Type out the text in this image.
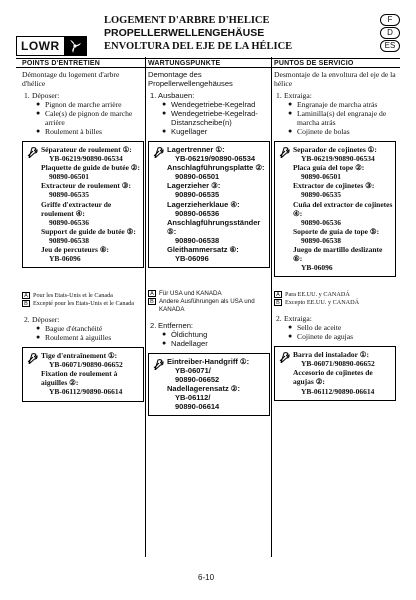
LOWR
LOGEMENT D'ARBRE D'HELICE
PROPELLERWELLENGEHÄUSE
ENVOLTURA DEL EJE DE LA HÉLICE
F
D
ES
POINTS D'ENTRETIEN	WARTUNGSPUNKTE	PUNTOS DE SERVICIO
Démontage du logement d'arbre d'hélice
1. Déposer:
● Pignon de marche arrière
● Cale(s) de pignon de marche arrière
● Roulement à billes
Séparateur de roulement ①:
YB-06219/90890-06534
Plaquette de guide de butée ②:
90890-06501
Extracteur de roulement ③:
90890-06535
Griffe d'extracteur de roulement ④:
90890-06536
Support de guide de butée ⑤:
90890-06538
Jeu de percuteurs ⑥:
YB-06096
A Pour les Etats-Unis et le Canada
B Excepté pour les Etats-Unis et le Canada
2. Déposer:
● Bague d'étanchéité
● Roulement à aiguilles
Tige d'entraînement ①:
YB-06071/90890-06652
Fixation de roulement à aiguilles ②:
YB-06112/90890-06614
Demontage des Propellerwellengehäuses
1. Ausbauen:
● Wendegetriebe-Kegelrad
● Wendegetriebe-Kegelrad-Distanzscheibe(n)
● Kugellager
Lagertrenner ①:
YB-06219/90890-06534
Anschlagführungsplatte ②:
90890-06501
Lagerzieher ③:
90890-06535
Lagerzieherklaue ④:
90890-06536
Anschlagführungsständer ⑤:
90890-06538
Gleithammersatz ⑥:
YB-06096
A Für USA und KANADA
B Andere Ausführungen als USA und KANADA
2. Entfernen:
● Öldichtung
● Nadellager
Eintreiber-Handgriff ①:
YB-06071/
90890-06652
Nadellagerensatz ②:
YB-06112/
90890-06614
Desmontaje de la envoltura del eje de la hélice
1. Extraiga:
● Engranaje de marcha atrás
● Laminilla(s) del engranaje de marcha atrás
● Cojinete de bolas
Separador de cojinetes ①:
YB-06219/90890-06534
Placa guía del tope ②:
90890-06501
Extractor de cojinetes ③:
90890-06535
Cuña del extractor de cojinetes ④:
90890-06536
Soporte de guía de tope ⑤:
90890-06538
Juego de martillo deslizante ⑥:
YB-06096
A Para EE.UU. y CANADÁ
B Excepto EE.UU. y CANADÁ
2. Extraiga:
● Sello de aceite
● Cojinete de agujas
Barra del instalador ①:
YB-06071/90890-06652
Accesorio de cojinetes de agujas ②:
YB-06112/90890-06614
6-10
